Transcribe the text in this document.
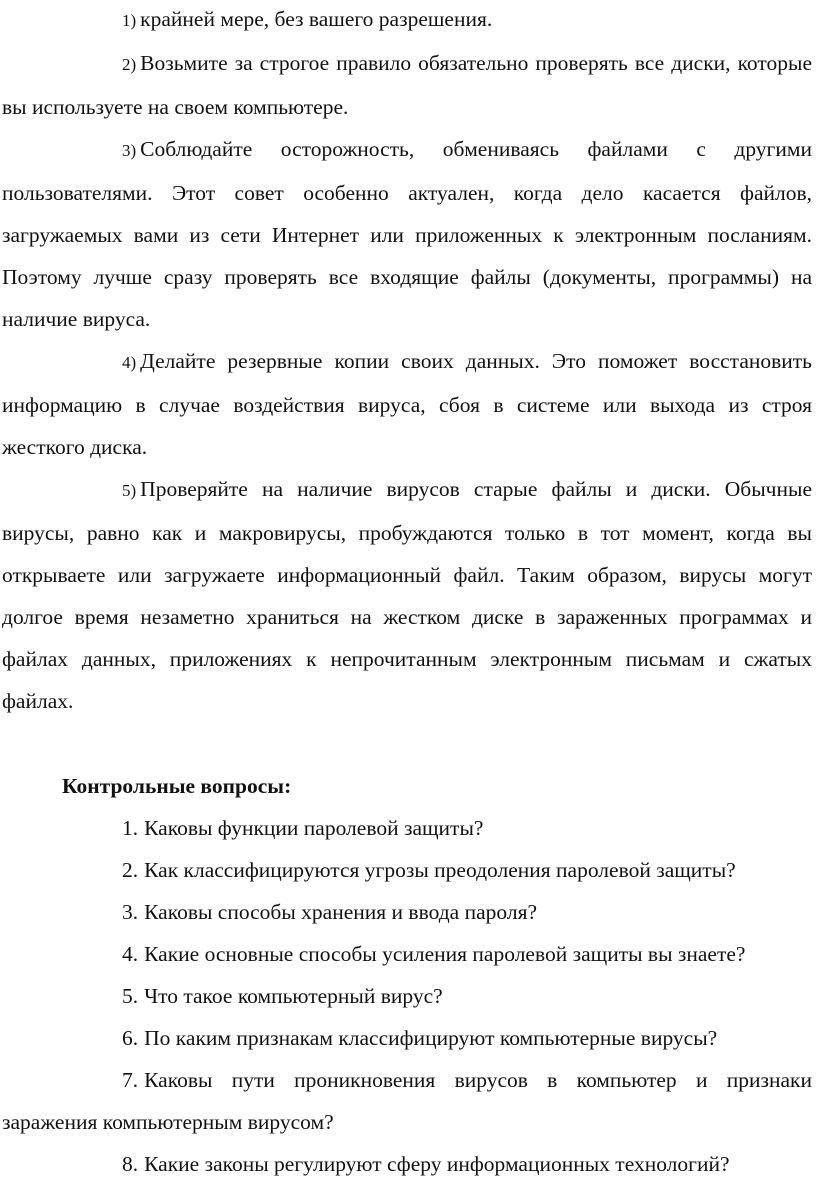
1) крайней мере, без вашего разрешения.

2) Возьмите за строгое правило обязательно проверять все диски, которые вы используете на своем компьютере.

3) Соблюдайте осторожность, обмениваясь файлами с другими пользователями. Этот совет особенно актуален, когда дело касается файлов, загружаемых вами из сети Интернет или приложенных к электронным посланиям. Поэтому лучше сразу проверять все входящие файлы (документы, программы) на наличие вируса.

4) Делайте резервные копии своих данных. Это поможет восстановить информацию в случае воздействия вируса, сбоя в системе или выхода из строя жесткого диска.

5) Проверяйте на наличие вирусов старые файлы и диски. Обычные вирусы, равно как и макровирусы, пробуждаются только в тот момент, когда вы открываете или загружаете информационный файл. Таким образом, вирусы могут долгое время незаметно храниться на жестком диске в зараженных программах и файлах данных, приложениях к непрочитанным электронным письмам и сжатых файлах.

Контрольные вопросы:

1. Каковы функции паролевой защиты?

2. Как классифицируются угрозы преодоления паролевой защиты?

3. Каковы способы хранения и ввода пароля?

4. Какие основные способы усиления паролевой защиты вы знаете?

5. Что такое компьютерный вирус?

6. По каким признакам классифицируют компьютерные вирусы?

7. Каковы пути проникновения вирусов в компьютер и признаки заражения компьютерным вирусом?

8. Какие законы регулируют сферу информационных технологий?
